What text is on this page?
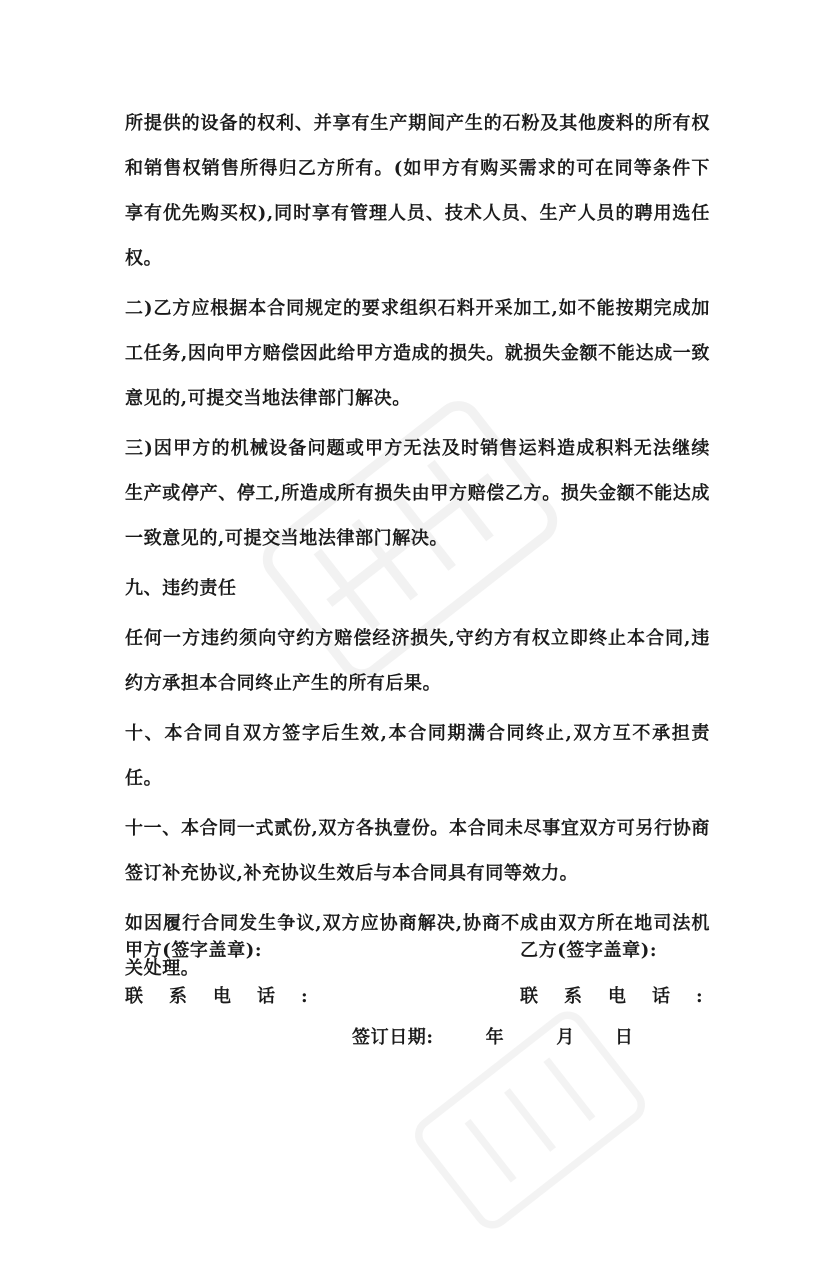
所提供的设备的权利、并享有生产期间产生的石粉及其他废料的所有权和销售权销售所得归乙方所有。(如甲方有购买需求的可在同等条件下享有优先购买权),同时享有管理人员、技术人员、生产人员的聘用选任权。

二)乙方应根据本合同规定的要求组织石料开采加工,如不能按期完成加工任务,因向甲方赔偿因此给甲方造成的损失。就损失金额不能达成一致意见的,可提交当地法律部门解决。

三)因甲方的机械设备问题或甲方无法及时销售运料造成积料无法继续生产或停产、停工,所造成所有损失由甲方赔偿乙方。损失金额不能达成一致意见的,可提交当地法律部门解决。

九、违约责任

任何一方违约须向守约方赔偿经济损失,守约方有权立即终止本合同,违约方承担本合同终止产生的所有后果。

十、本合同自双方签字后生效,本合同期满合同终止,双方互不承担责任。

十一、本合同一式贰份,双方各执壹份。本合同未尽事宜双方可另行协商签订补充协议,补充协议生效后与本合同具有同等效力。

如因履行合同发生争议,双方应协商解决,协商不成由双方所在地司法机关处理。

甲方(签字盖章):	乙方(签字盖章):
联系电话:	联系电话:
签订日期:	年	月 日
